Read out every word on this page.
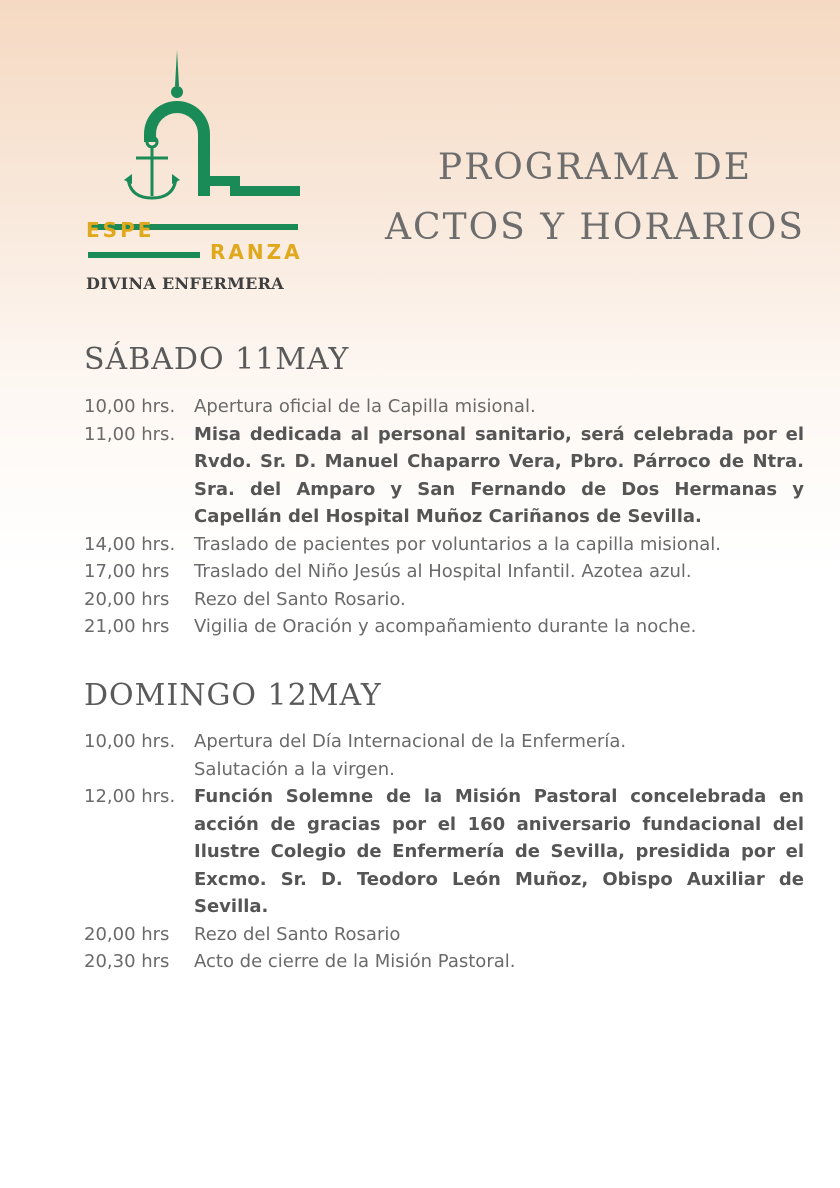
ESPE
RANZA
DIVINA ENFERMERA
PROGRAMA DE
ACTOS Y HORARIOS
SÁBADO 11MAY
10,00 hrs.	Apertura oficial de la Capilla misional.
11,00 hrs.	Misa dedicada al personal sanitario, será celebrada por el Rvdo. Sr. D. Manuel Chaparro Vera, Pbro. Párroco de Ntra. Sra. del Amparo y San Fernando de Dos Hermanas y Capellán del Hospital Muñoz Cariñanos de Sevilla.
14,00 hrs.	Traslado de pacientes por voluntarios a la capilla misional.
17,00 hrs	Traslado del Niño Jesús al Hospital Infantil. Azotea azul.
20,00 hrs	Rezo del Santo Rosario.
21,00 hrs	Vigilia de Oración y acompañamiento durante la noche.
DOMINGO 12MAY
10,00 hrs.	Apertura del Día Internacional de la Enfermería.
Salutación a la virgen.
12,00 hrs.	Función Solemne de la Misión Pastoral concelebrada en acción de gracias por el 160 aniversario fundacional del Ilustre Colegio de Enfermería de Sevilla, presidida por el Excmo. Sr. D. Teodoro León Muñoz, Obispo Auxiliar de Sevilla.
20,00 hrs	Rezo del Santo Rosario
20,30 hrs	Acto de cierre de la Misión Pastoral.
